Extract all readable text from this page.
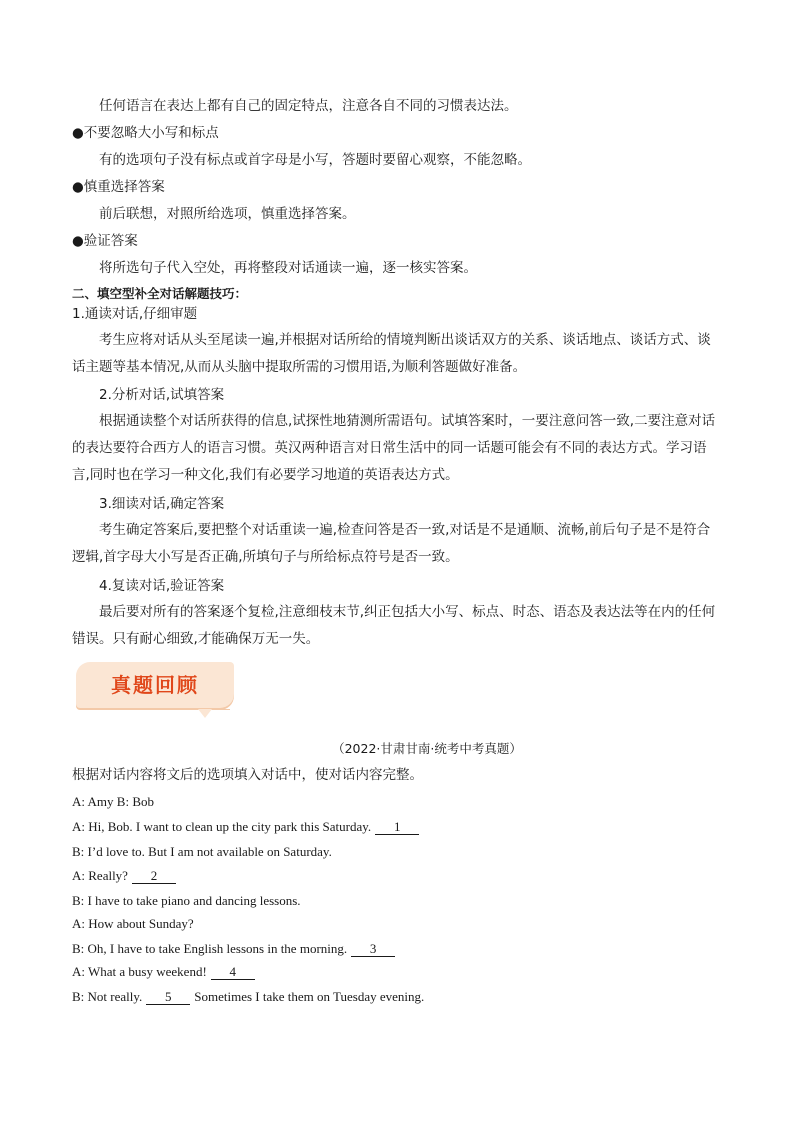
任何语言在表达上都有自己的固定特点，注意各自不同的习惯表达法。
●不要忽略大小写和标点
有的选项句子没有标点或首字母是小写，答题时要留心观察，不能忽略。
●慎重选择答案
前后联想，对照所给选项，慎重选择答案。
●验证答案
将所选句子代入空处，再将整段对话通读一遍，逐一核实答案。
二、填空型补全对话解题技巧：
1.通读对话,仔细审题
考生应将对话从头至尾读一遍,并根据对话所给的情境判断出谈话双方的关系、谈话地点、谈话方式、谈话主题等基本情况,从而从头脑中提取所需的习惯用语,为顺利答题做好准备。
2.分析对话,试填答案
根据通读整个对话所获得的信息,试探性地猜测所需语句。试填答案时，一要注意问答一致,二要注意对话的表达要符合西方人的语言习惯。英汉两种语言对日常生活中的同一话题可能会有不同的表达方式。学习语言,同时也在学习一种文化,我们有必要学习地道的英语表达方式。
3.细读对话,确定答案
考生确定答案后,要把整个对话重读一遍,检查问答是否一致,对话是不是通顺、流畅,前后句子是不是符合逻辑,首字母大小写是否正确,所填句子与所给标点符号是否一致。
4.复读对话,验证答案
最后要对所有的答案逐个复检,注意细枝末节,纠正包括大小写、标点、时态、语态及表达法等在内的任何错误。只有耐心细致,才能确保万无一失。
真题回顾
（2022·甘肃甘南·统考中考真题）
根据对话内容将文后的选项填入对话中，使对话内容完整。
A: Amy B: Bob
A: Hi, Bob. I want to clean up the city park this Saturday. 1
B: I’d love to. But I am not available on Saturday.
A: Really? 2
B: I have to take piano and dancing lessons.
A: How about Sunday?
B: Oh, I have to take English lessons in the morning. 3
A: What a busy weekend! 4
B: Not really. 5 Sometimes I take them on Tuesday evening.
